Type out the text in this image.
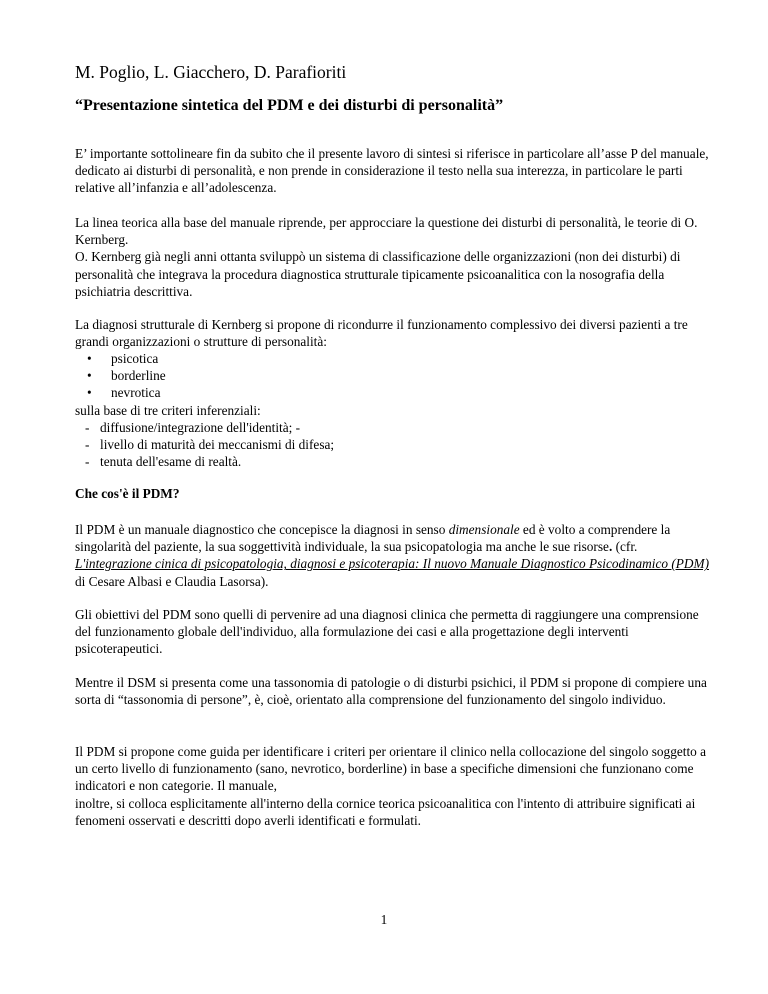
M. Poglio, L. Giacchero, D. Parafioriti
“Presentazione sintetica del PDM e dei disturbi di personalità”

E’ importante sottolineare fin da subito che il presente lavoro di sintesi si riferisce in particolare all’asse P del manuale, dedicato ai disturbi di personalità, e non prende in considerazione il testo nella sua interezza, in particolare le parti relative all’infanzia e all’adolescenza.

La linea teorica alla base del manuale riprende, per approcciare la questione dei disturbi di personalità, le teorie di O. Kernberg.
O. Kernberg già negli anni ottanta sviluppò un sistema di classificazione delle organizzazioni (non dei disturbi) di personalità che integrava la procedura diagnostica strutturale tipicamente psicoanalitica con la nosografia della psichiatria descrittiva.

La diagnosi strutturale di Kernberg si propone di ricondurre il funzionamento complessivo dei diversi pazienti a tre grandi organizzazioni o strutture di personalità:

• psicotica
• borderline
• nevrotica

sulla base di tre criteri inferenziali:

- diffusione/integrazione dell'identità; -
- livello di maturità dei meccanismi di difesa;
- tenuta dell'esame di realtà.
Che cos'è il PDM?

Il PDM è un manuale diagnostico che concepisce la diagnosi in senso dimensionale ed è volto a comprendere la singolarità del paziente, la sua soggettività individuale, la sua psicopatologia ma anche le sue risorse. (cfr. L'integrazione cinica di psicopatologia, diagnosi e psicoterapia: Il nuovo Manuale Diagnostico Psicodinamico (PDM) di Cesare Albasi e Claudia Lasorsa).

Gli obiettivi del PDM sono quelli di pervenire ad una diagnosi clinica che permetta di raggiungere una comprensione del funzionamento globale dell'individuo, alla formulazione dei casi e alla progettazione degli interventi psicoterapeutici.

Mentre il DSM si presenta come una tassonomia di patologie o di disturbi psichici, il PDM si propone di compiere una sorta di “tassonomia di persone”, è, cioè, orientato alla comprensione del funzionamento del singolo individuo.

Il PDM si propone come guida per identificare i criteri per orientare il clinico nella collocazione del singolo soggetto a un certo livello di funzionamento (sano, nevrotico, borderline) in base a specifiche dimensioni che funzionano come indicatori e non categorie. Il manuale,
inoltre, si colloca esplicitamente all'interno della cornice teorica psicoanalitica con l'intento di attribuire significati ai fenomeni osservati e descritti dopo averli identificati e formulati.
1
